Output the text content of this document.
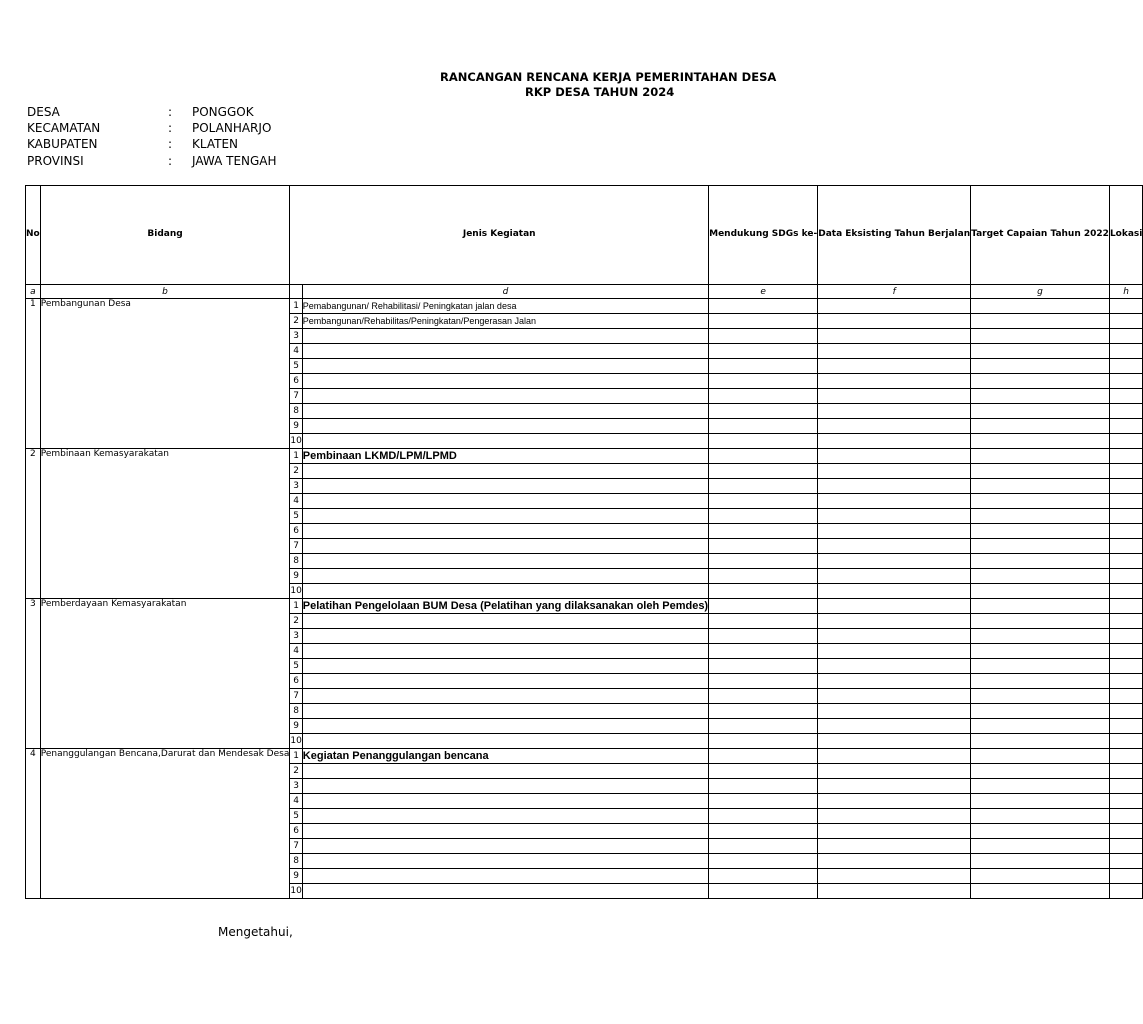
RANCANGAN RENCANA KERJA PEMERINTAHAN DESA
RKP DESA TAHUN 2024
DESA	: PONGGOK
KECAMATAN	: POLANHARJO
KABUPATEN	: KLATEN
PROVINSI	: JAWA TENGAH
No	Bidang	Jenis Kegiatan		Mendukung SDGs ke-	Data Eksisting Tahun Berjalan	Target Capaian Tahun 2022	Lokasi
a	b		d	e	f	g	h
1	Pembangunan Desa	1	Pemabangunan/ Rehabilitasi/ Peningkatan jalan desa				
		2	Pembangunan/Rehabilitas/Peningkatan/Pengerasan Jalan				
		3					
		4					
		5					
		6					
		7					
		8					
		9					
		10					
2	Pembinaan Kemasyarakatan	1	Pembinaan LKMD/LPM/LPMD				
		2					
		3					
		4					
		5					
		6					
		7					
		8					
		9					
		10					
3	Pemberdayaan Kemasyarakatan	1	Pelatihan Pengelolaan BUM Desa (Pelatihan yang dilaksanakan oleh Pemdes)				
		2					
		3					
		4					
		5					
		6					
		7					
		8					
		9					
		10					
4	Penanggulangan Bencana,Darurat dan Mendesak Desa	1	Kegiatan Penanggulangan bencana				
		2					
		3					
		4					
		5					
		6					
		7					
		8					
		9					
		10					
Mengetahui,
